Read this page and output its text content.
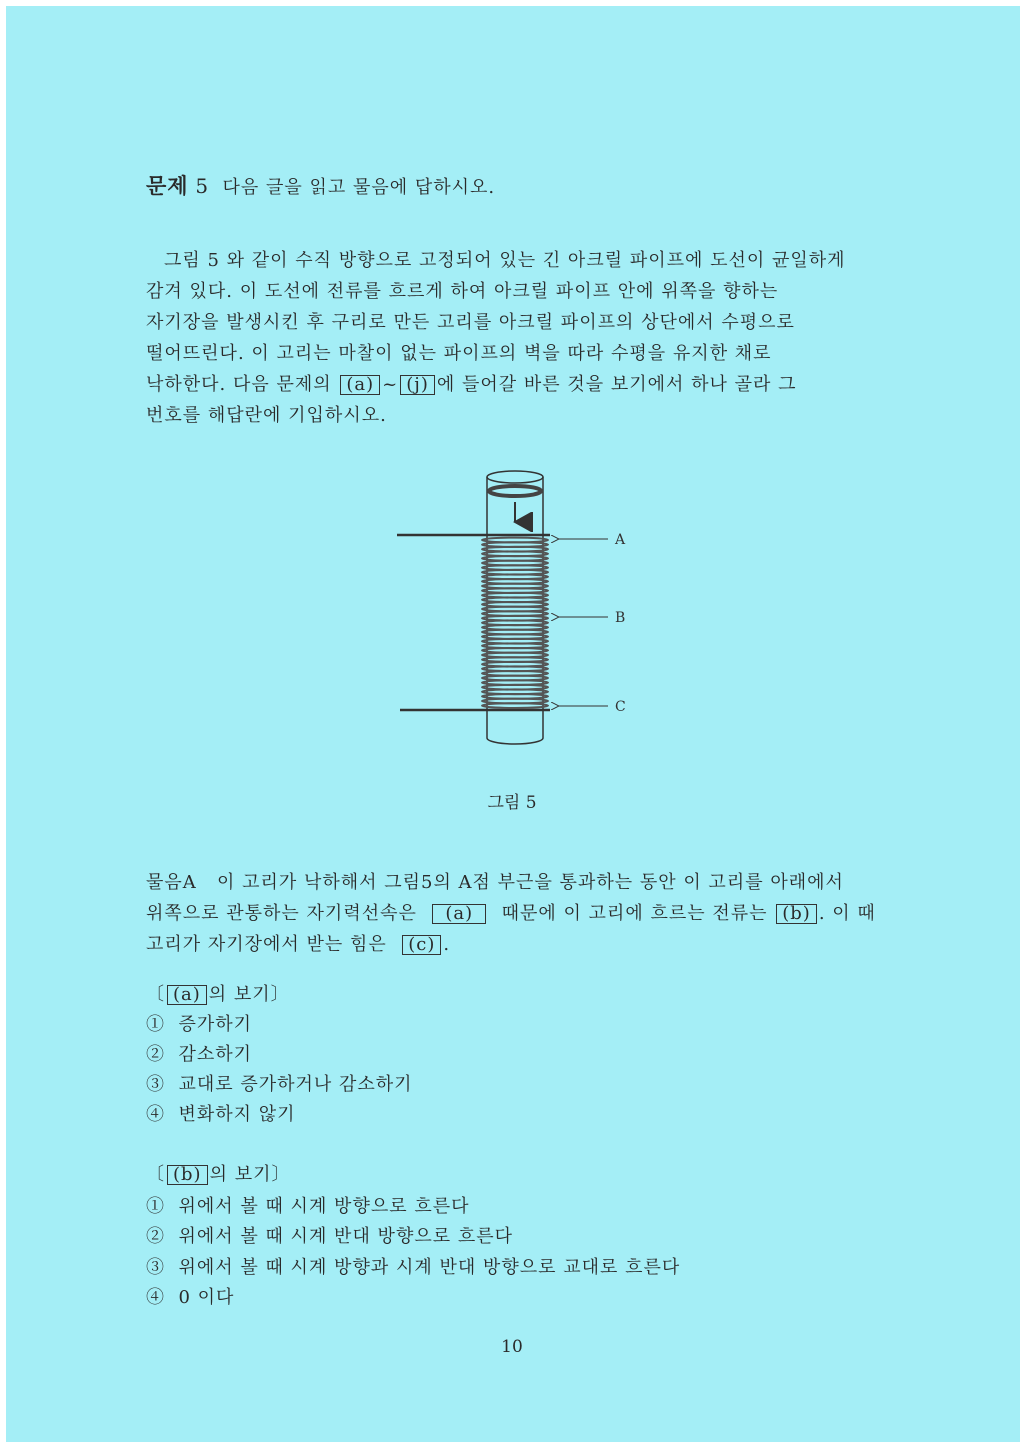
문제 5 다음 글을 읽고 물음에 답하시오.
그림 5 와 같이 수직 방향으로 고정되어 있는 긴 아크릴 파이프에 도선이 균일하게
감겨 있다. 이 도선에 전류를 흐르게 하여 아크릴 파이프 안에 위쪽을 향하는
자기장을 발생시킨 후 구리로 만든 고리를 아크릴 파이프의 상단에서 수평으로
떨어뜨린다. 이 고리는 마찰이 없는 파이프의 벽을 따라 수평을 유지한 채로
낙하한다. 다음 문제의 (a) ~ (j) 에 들어갈 바른 것을 보기에서 하나 골라 그
번호를 해답란에 기입하시오.
A
B
C
그림 5
물음A 이 고리가 낙하해서 그림5의 A점 부근을 통과하는 동안 이 고리를 아래에서
위쪽으로 관통하는 자기력선속은 (a) 때문에 이 고리에 흐르는 전류는 (b) . 이 때
고리가 자기장에서 받는 힘은 (c) .
〔 (a) 의 보기〕
① 증가하기
② 감소하기
③ 교대로 증가하거나 감소하기
④ 변화하지 않기
〔 (b) 의 보기〕
① 위에서 볼 때 시계 방향으로 흐른다
② 위에서 볼 때 시계 반대 방향으로 흐른다
③ 위에서 볼 때 시계 방향과 시계 반대 방향으로 교대로 흐른다
④ 0 이다
10
